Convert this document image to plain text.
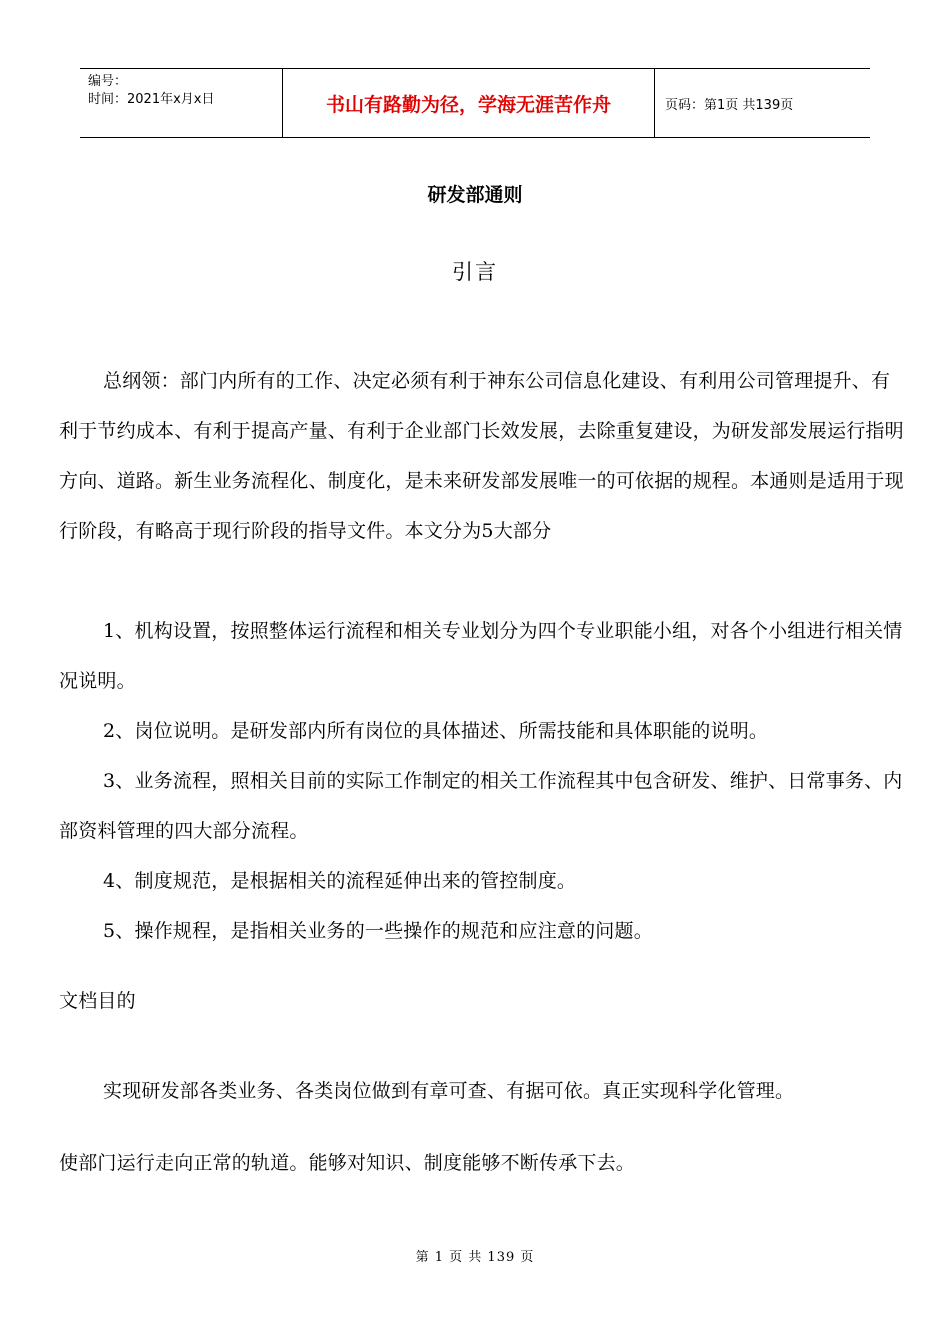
编号：
时间：2021年x月x日	书山有路勤为径，学海无涯苦作舟	页码：第1页 共139页
研发部通则
引言

总纲领：部门内所有的工作、决定必须有利于神东公司信息化建设、有利用公司管理提升、有利于节约成本、有利于提高产量、有利于企业部门长效发展，去除重复建设，为研发部发展运行指明方向、道路。新生业务流程化、制度化，是未来研发部发展唯一的可依据的规程。本通则是适用于现行阶段，有略高于现行阶段的指导文件。本文分为5大部分

1、机构设置，按照整体运行流程和相关专业划分为四个专业职能小组，对各个小组进行相关情况说明。

2、岗位说明。是研发部内所有岗位的具体描述、所需技能和具体职能的说明。

3、业务流程，照相关目前的实际工作制定的相关工作流程其中包含研发、维护、日常事务、内部资料管理的四大部分流程。

4、制度规范，是根据相关的流程延伸出来的管控制度。

5、操作规程，是指相关业务的一些操作的规范和应注意的问题。

文档目的

实现研发部各类业务、各类岗位做到有章可查、有据可依。真正实现科学化管理。

使部门运行走向正常的轨道。能够对知识、制度能够不断传承下去。

第 1 页 共 139 页
